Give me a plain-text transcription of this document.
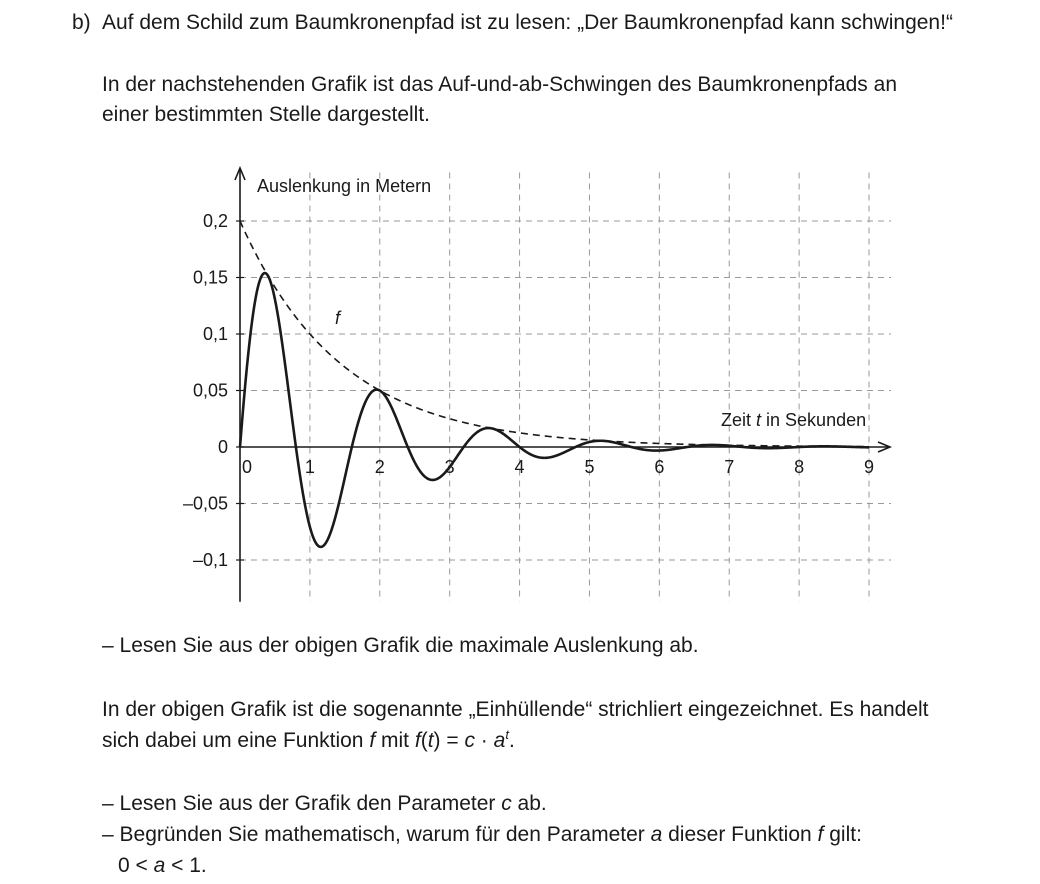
b) Auf dem Schild zum Baumkronenpfad ist zu lesen: „Der Baumkronenpfad kann schwingen!“

In der nachstehenden Grafik ist das Auf-und-ab-Schwingen des Baumkronenpfads an

einer bestimmten Stelle dargestellt.

0	1	2	3	4	5	6	7	8	9
0,2
0,15
0,1
0,05
0
–0,05
–0,1
Auslenkung in Metern
Zeit t in Sekunden
f

– Lesen Sie aus der obigen Grafik die maximale Auslenkung ab.

In der obigen Grafik ist die sogenannte „Einhüllende“ strichliert eingezeichnet. Es handelt

sich dabei um eine Funktion f mit $f(t) = c \cdot a^t$.

– Lesen Sie aus der Grafik den Parameter c ab.

– Begründen Sie mathematisch, warum für den Parameter a dieser Funktion f gilt:

0 < a < 1.
